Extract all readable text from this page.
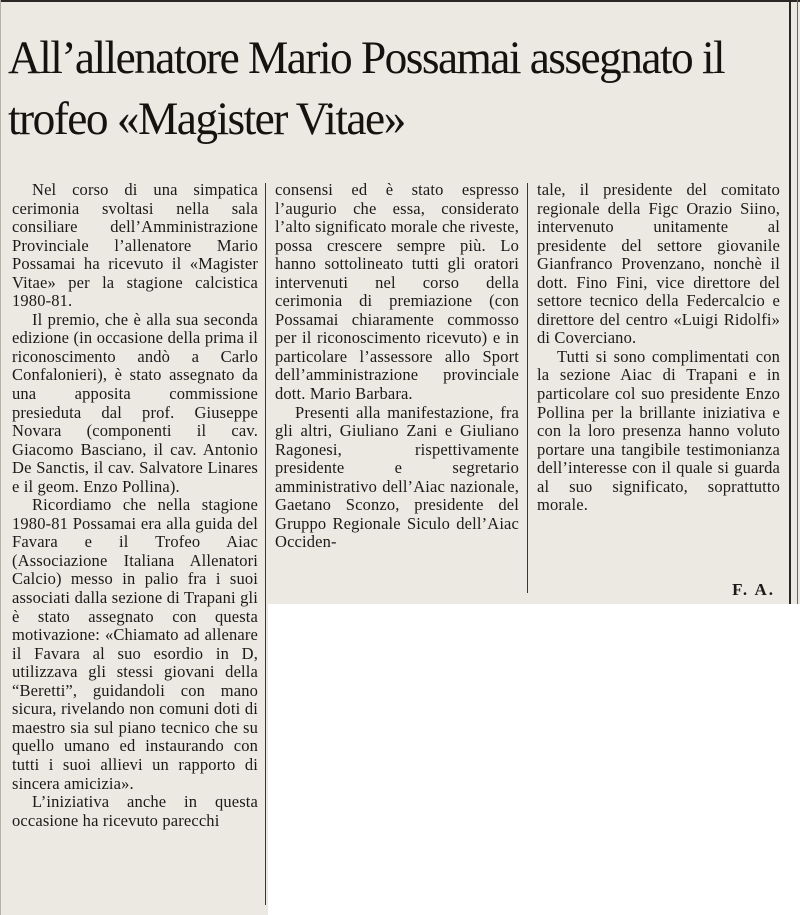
All’allenatore Mario Possamai assegnato il trofeo «Magister Vitae»

Nel corso di una simpatica cerimonia svoltasi nella sala consiliare dell’Amministrazione Provinciale l’allenatore Mario Possamai ha ricevuto il «Magister Vitae» per la stagione calcistica 1980-81.

Il premio, che è alla sua seconda edizione (in occasione della prima il riconoscimento andò a Carlo Confalonieri), è stato assegnato da una apposita commissione presieduta dal prof. Giuseppe Novara (componenti il cav. Giacomo Basciano, il cav. Antonio De Sanctis, il cav. Salvatore Linares e il geom. Enzo Pollina).

Ricordiamo che nella stagione 1980-81 Possamai era alla guida del Favara e il Trofeo Aiac (Associazione Italiana Allenatori Calcio) messo in palio fra i suoi associati dalla sezione di Trapani gli è stato assegnato con questa motivazione: «Chiamato ad allenare il Favara al suo esordio in D, utilizzava gli stessi giovani della “Beretti”, guidandoli con mano sicura, rivelando non comuni doti di maestro sia sul piano tecnico che su quello umano ed instaurando con tutti i suoi allievi un rapporto di sincera amicizia».

L’iniziativa anche in questa occasione ha ricevuto parecchi

consensi ed è stato espresso l’augurio che essa, considerato l’alto significato morale che riveste, possa crescere sempre più. Lo hanno sottolineato tutti gli oratori intervenuti nel corso della cerimonia di premiazione (con Possamai chiaramente commosso per il riconoscimento ricevuto) e in particolare l’assessore allo Sport dell’amministrazione provinciale dott. Mario Barbara.

Presenti alla manifestazione, fra gli altri, Giuliano Zani e Giuliano Ragonesi, rispettivamente presidente e segretario amministrativo dell’Aiac nazionale, Gaetano Sconzo, presidente del Gruppo Regionale Siculo dell’Aiac Occiden-

tale, il presidente del comitato regionale della Figc Orazio Siino, intervenuto unitamente al presidente del settore giovanile Gianfranco Provenzano, nonchè il dott. Fino Fini, vice direttore del settore tecnico della Federcalcio e direttore del centro «Luigi Ridolfi» di Coverciano.

Tutti si sono complimentati con la sezione Aiac di Trapani e in particolare col suo presidente Enzo Pollina per la brillante iniziativa e con la loro presenza hanno voluto portare una tangibile testimonianza dell’interesse con il quale si guarda al suo significato, soprattutto morale.

F. A.
